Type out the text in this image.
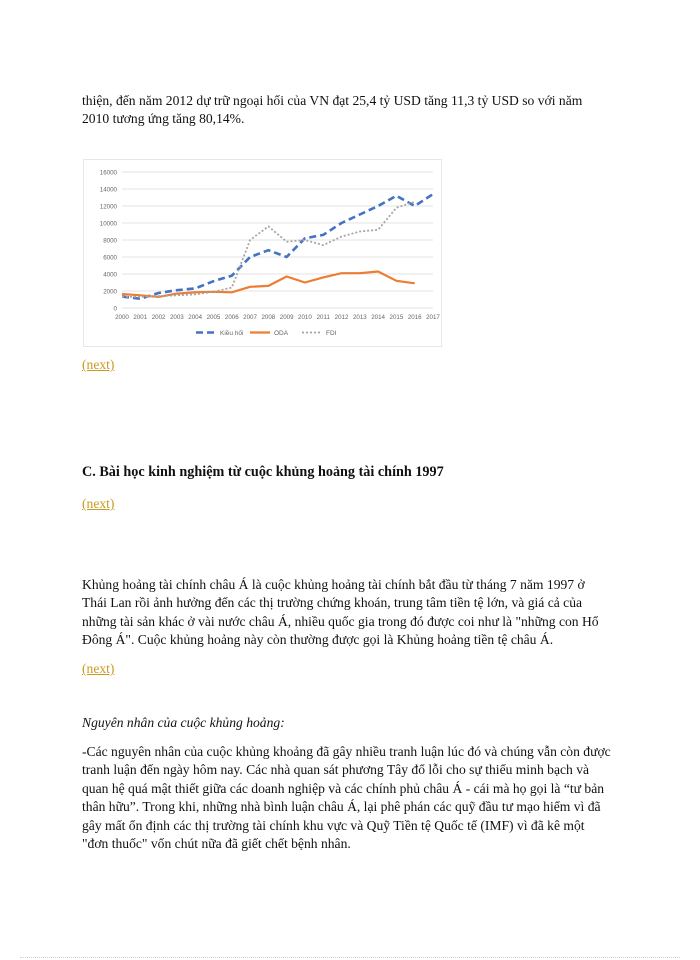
thiện, đến năm 2012 dự trữ ngoại hối của VN đạt 25,4 tỷ USD tăng 11,3 tỷ USD so với năm 2010 tương ứng tăng 80,14%.

0
2000
4000
6000
8000
10000
12000
14000
16000
2000 2001 2002 2003 2004 2005 2006 2007 2008 2009 2010 2011 2012 2013 2014 2015 2016 2017
Kiều hối	ODA	FDI
(next)
C. Bài học kinh nghiệm từ cuộc khủng hoảng tài chính 1997
(next)

Khủng hoảng tài chính châu Á là cuộc khủng hoảng tài chính bắt đầu từ tháng 7 năm 1997 ở Thái Lan rồi ảnh hưởng đến các thị trường chứng khoán, trung tâm tiền tệ lớn, và giá cả của những tài sản khác ở vài nước châu Á, nhiều quốc gia trong đó được coi như là "những con Hổ Đông Á". Cuộc khủng hoảng này còn thường được gọi là Khủng hoảng tiền tệ châu Á.

(next)

Nguyên nhân của cuộc khủng hoảng:

-Các nguyên nhân của cuộc khủng khoảng đã gây nhiều tranh luận lúc đó và chúng vẫn còn được tranh luận đến ngày hôm nay. Các nhà quan sát phương Tây đổ lỗi cho sự thiếu minh bạch và quan hệ quá mật thiết giữa các doanh nghiệp và các chính phủ châu Á - cái mà họ gọi là “tư bản thân hữu”. Trong khi, những nhà bình luận châu Á, lại phê phán các quỹ đầu tư mạo hiểm vì đã gây mất ổn định các thị trường tài chính khu vực và Quỹ Tiền tệ Quốc tế (IMF) vì đã kê một "đơn thuốc" vốn chút nữa đã giết chết bệnh nhân.
